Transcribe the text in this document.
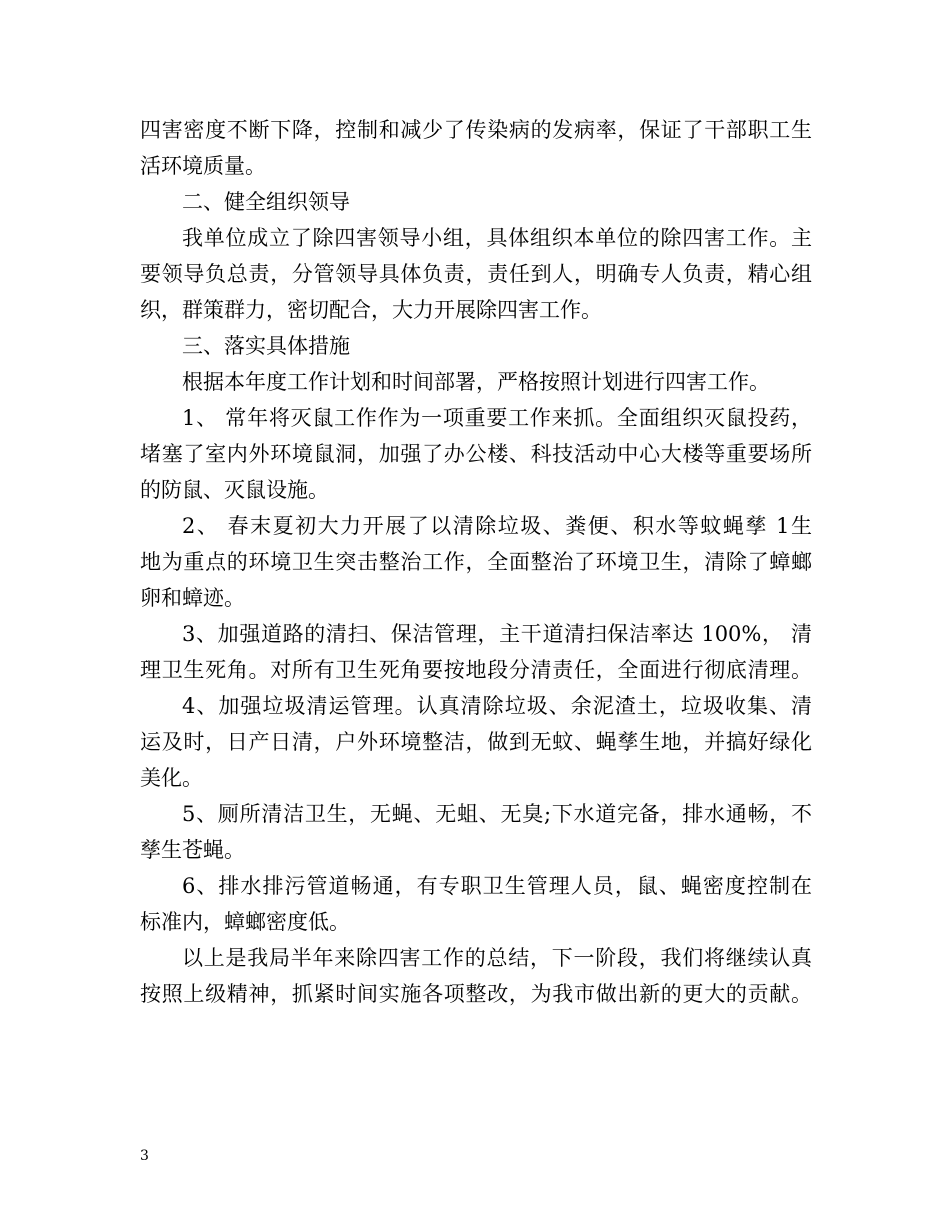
四害密度不断下降，控制和减少了传染病的发病率，保证了干部职工生
活环境质量。
二、健全组织领导
我单位成立了除四害领导小组，具体组织本单位的除四害工作。主
要领导负总责，分管领导具体负责，责任到人，明确专人负责，精心组
织，群策群力，密切配合，大力开展除四害工作。
三、落实具体措施
根据本年度工作计划和时间部署，严格按照计划进行四害工作。
1、 常年将灭鼠工作作为一项重要工作来抓。全面组织灭鼠投药，
堵塞了室内外环境鼠洞，加强了办公楼、科技活动中心大楼等重要场所
的防鼠、灭鼠设施。
2、 春末夏初大力开展了以清除垃圾、粪便、积水等蚊蝇孳 1生
地为重点的环境卫生突击整治工作，全面整治了环境卫生，清除了蟑螂
卵和蟑迹。
3、加强道路的清扫、保洁管理，主干道清扫保洁率达 100%， 清
理卫生死角。对所有卫生死角要按地段分清责任，全面进行彻底清理。
4、加强垃圾清运管理。认真清除垃圾、余泥渣土，垃圾收集、清
运及时，日产日清，户外环境整洁，做到无蚊、蝇孳生地，并搞好绿化
美化。
5、厕所清洁卫生，无蝇、无蛆、无臭;下水道完备，排水通畅，不
孳生苍蝇。
6、排水排污管道畅通，有专职卫生管理人员，鼠、蝇密度控制在
标准内，蟑螂密度低。
以上是我局半年来除四害工作的总结，下一阶段，我们将继续认真
按照上级精神，抓紧时间实施各项整改，为我市做出新的更大的贡献。
3
